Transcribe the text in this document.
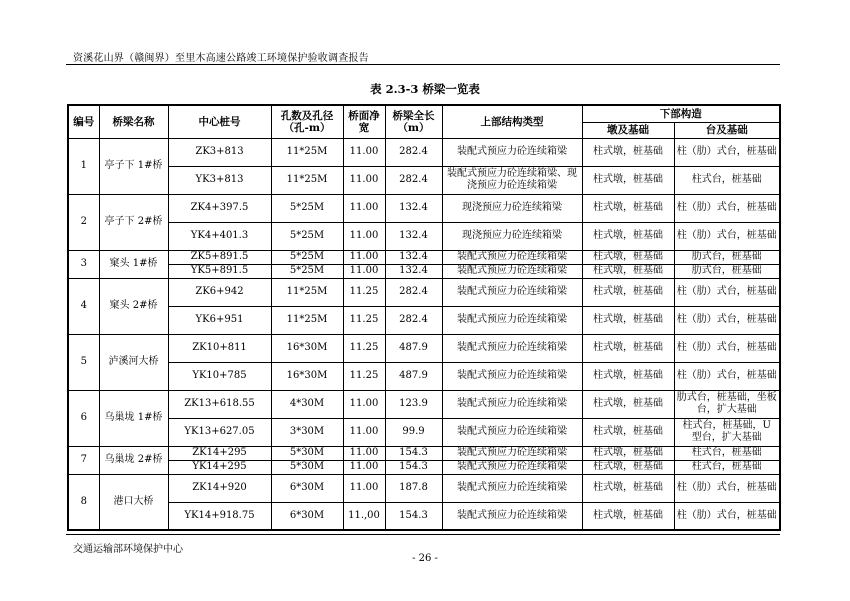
资溪花山界（赣闽界）至里木高速公路竣工环境保护验收调查报告
表 2.3-3 桥梁一览表
编号	桥梁名称	中心桩号	孔数及孔径（孔-m）	桥面净宽	桥梁全长（m）	上部结构类型	下部构造	
							墩及基础	台及基础
1	亭子下 1#桥	ZK3+813	11*25M	11.00	282.4	装配式预应力砼连续箱梁	柱式墩，桩基础	柱（肋）式台，桩基础
		YK3+813	11*25M	11.00	282.4	装配式预应力砼连续箱梁、现浇预应力砼连续箱梁	柱式墩，桩基础	柱式台，桩基础
2	亭子下 2#桥	ZK4+397.5	5*25M	11.00	132.4	现浇预应力砼连续箱梁	柱式墩，桩基础	柱（肋）式台，桩基础
		YK4+401.3	5*25M	11.00	132.4	现浇预应力砼连续箱梁	柱式墩，桩基础	柱（肋）式台，桩基础
3	窠头 1#桥	ZK5+891.5	5*25M	11.00	132.4	装配式预应力砼连续箱梁	柱式墩，桩基础	肋式台，桩基础
		YK5+891.5	5*25M	11.00	132.4	装配式预应力砼连续箱梁	柱式墩，桩基础	肋式台，桩基础
4	窠头 2#桥	ZK6+942	11*25M	11.25	282.4	装配式预应力砼连续箱梁	柱式墩，桩基础	柱（肋）式台，桩基础
		YK6+951	11*25M	11.25	282.4	装配式预应力砼连续箱梁	柱式墩，桩基础	柱（肋）式台，桩基础
5	泸溪河大桥	ZK10+811	16*30M	11.25	487.9	装配式预应力砼连续箱梁	柱式墩，桩基础	柱（肋）式台，桩基础
		YK10+785	16*30M	11.25	487.9	装配式预应力砼连续箱梁	柱式墩，桩基础	柱（肋）式台，桩基础
6	乌巢垅 1#桥	ZK13+618.55	4*30M	11.00	123.9	装配式预应力砼连续箱梁	柱式墩，桩基础	肋式台，桩基础，坐板台，扩大基础
		YK13+627.05	3*30M	11.00	99.9	装配式预应力砼连续箱梁	柱式墩，桩基础	柱式台，桩基础，U 型台，扩大基础
7	乌巢垅 2#桥	ZK14+295	5*30M	11.00	154.3	装配式预应力砼连续箱梁	柱式墩，桩基础	柱式台，桩基础
		YK14+295	5*30M	11.00	154.3	装配式预应力砼连续箱梁	柱式墩，桩基础	柱式台，桩基础
8	港口大桥	ZK14+920	6*30M	11.00	187.8	装配式预应力砼连续箱梁	柱式墩，桩基础	柱（肋）式台，桩基础
		YK14+918.75	6*30M	11.,00	154.3	装配式预应力砼连续箱梁	柱式墩，桩基础	柱（肋）式台，桩基础
交通运输部环境保护中心
- 26 -
